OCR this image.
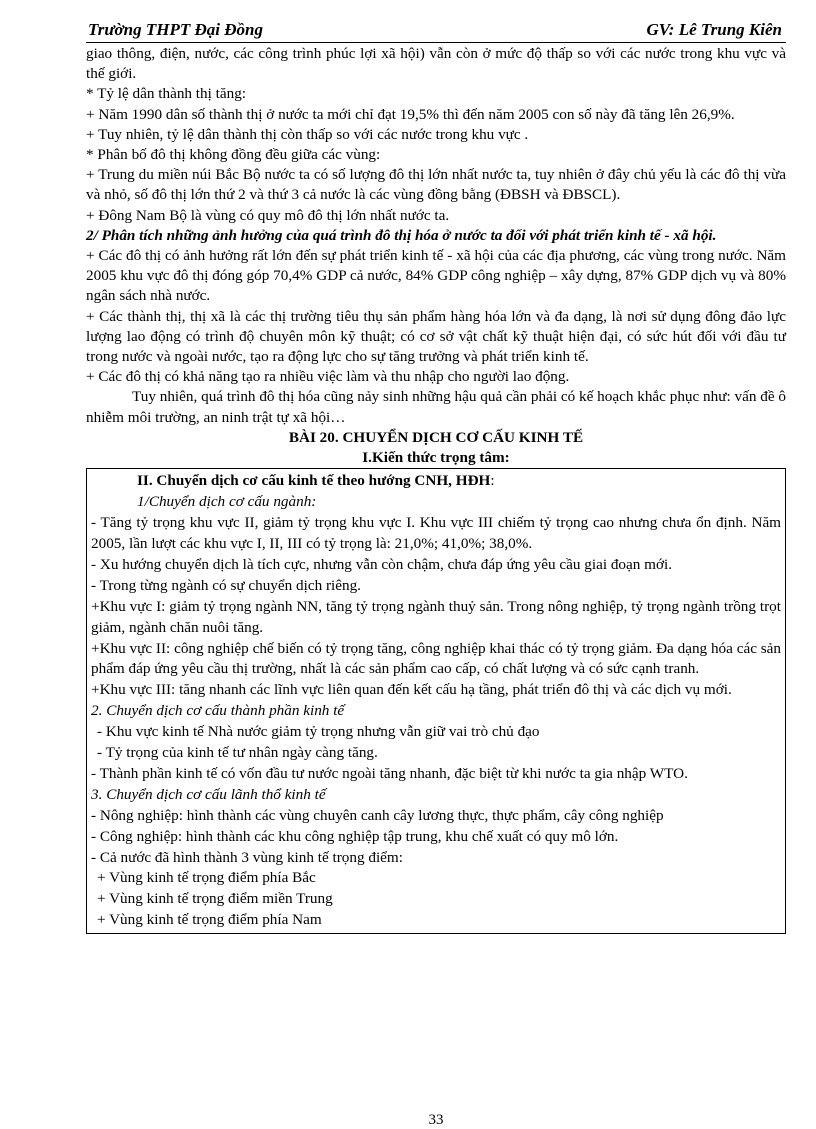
Trường THPT Đại Đồng	GV: Lê Trung Kiên

giao thông, điện, nước, các công trình phúc lợi xã hội) vẫn còn ở mức độ thấp so với các nước trong khu vực và thế giới.

* Tỷ lệ dân thành thị tăng:

+ Năm 1990 dân số thành thị ở nước ta mới chỉ đạt 19,5% thì đến năm 2005 con số này đã tăng lên 26,9%.

+ Tuy nhiên, tỷ lệ dân thành thị còn thấp so với các nước trong khu vực .

* Phân bố đô thị không đồng đều giữa các vùng:

+ Trung du miền núi Bắc Bộ nước ta có số lượng đô thị lớn nhất nước ta, tuy nhiên ở đây chủ yếu là các đô thị vừa và nhỏ, số đô thị lớn thứ 2 và thứ 3 cả nước là các vùng đồng bằng (ĐBSH và ĐBSCL).

+ Đông Nam Bộ là vùng có quy mô đô thị lớn nhất nước ta.

2/ Phân tích những ảnh hưởng của quá trình đô thị hóa ở nước ta đối với phát triển kinh tế - xã hội.

+ Các đô thị có ảnh hưởng rất lớn đến sự phát triển kinh tế - xã hội của các địa phương, các vùng trong nước. Năm 2005 khu vực đô thị đóng góp 70,4% GDP cả nước, 84% GDP công nghiệp – xây dựng, 87% GDP dịch vụ và 80% ngân sách nhà nước.

+ Các thành thị, thị xã là các thị trường tiêu thụ sản phẩm hàng hóa lớn và đa dạng, là nơi sử dụng đông đảo lực lượng lao động có trình độ chuyên môn kỹ thuật; có cơ sở vật chất kỹ thuật hiện đại, có sức hút đối với đầu tư trong nước và ngoài nước, tạo ra động lực cho sự tăng trưởng và phát triển kinh tế.

+ Các đô thị có khả năng tạo ra nhiều việc làm và thu nhập cho người lao động.

Tuy nhiên, quá trình đô thị hóa cũng nảy sinh những hậu quả cần phải có kế hoạch khắc phục như: vấn đề ô nhiễm môi trường, an ninh trật tự xã hội…

BÀI 20. CHUYỂN DỊCH CƠ CẤU KINH TẾ

I.Kiến thức trọng tâm:

II. Chuyển dịch cơ cấu kinh tế theo hướng CNH, HĐH:

1/Chuyển dịch cơ cấu ngành:

- Tăng tỷ trọng khu vực II, giảm tỷ trọng khu vực I. Khu vực III chiếm tỷ trọng cao nhưng chưa ổn định. Năm 2005, lần lượt các khu vực I, II, III có tỷ trọng là: 21,0%; 41,0%; 38,0%.

- Xu hướng chuyển dịch là tích cực, nhưng vẫn còn chậm, chưa đáp ứng yêu cầu giai đoạn mới.

- Trong từng ngành có sự chuyển dịch riêng.

+Khu vực I: giảm tỷ trọng ngành NN, tăng tỷ trọng ngành thuỷ sản. Trong nông nghiệp, tỷ trọng ngành trồng trọt giảm, ngành chăn nuôi tăng.

+Khu vực II: công nghiệp chế biến có tỷ trọng tăng, công nghiệp khai thác có tỷ trọng giảm. Đa dạng hóa các sản phẩm đáp ứng yêu cầu thị trường, nhất là các sản phẩm cao cấp, có chất lượng và có sức cạnh tranh.

+Khu vực III: tăng nhanh các lĩnh vực liên quan đến kết cấu hạ tầng, phát triển đô thị và các dịch vụ mới.

2. Chuyển dịch cơ cấu thành phần kinh tế

- Khu vực kinh tế Nhà nước giảm tỷ trọng nhưng vẫn giữ vai trò chủ đạo

- Tỷ trọng của kinh tế tư nhân ngày càng tăng.

- Thành phần kinh tế có vốn đầu tư nước ngoài tăng nhanh, đặc biệt từ khi nước ta gia nhập WTO.

3. Chuyển dịch cơ cấu lãnh thổ kinh tế

- Nông nghiệp: hình thành các vùng chuyên canh cây lương thực, thực phẩm, cây công nghiệp

- Công nghiệp: hình thành các khu công nghiệp tập trung, khu chế xuất có quy mô lớn.

- Cả nước đã hình thành 3 vùng kinh tế trọng điểm:

+ Vùng kinh tế trọng điểm phía Bắc

+ Vùng kinh tế trọng điểm miền Trung

+ Vùng kinh tế trọng điểm phía Nam

33
